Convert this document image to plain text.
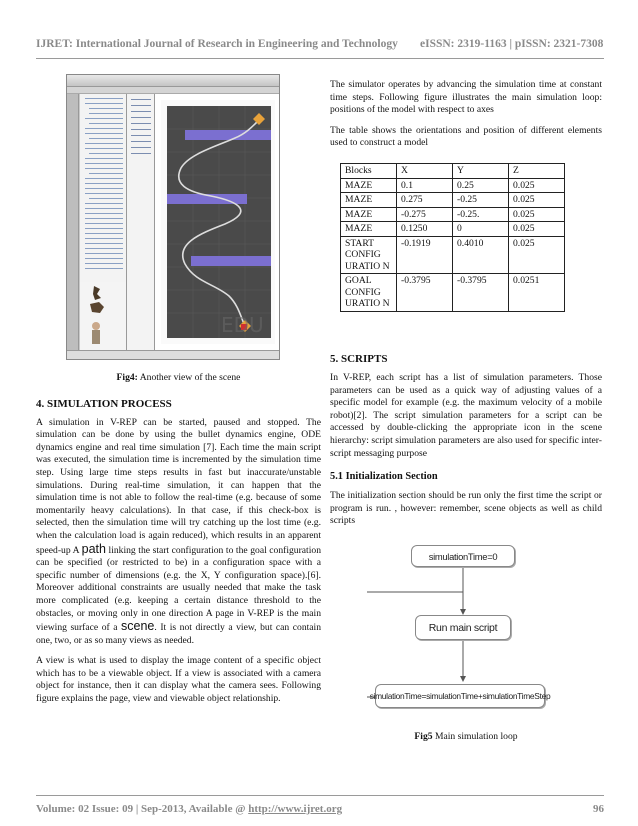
IJRET: International Journal of Research in Engineering and Technology eISSN: 2319-1163 | pISSN: 2321-7308
EDU
Fig4: Another view of the scene
4. SIMULATION PROCESS

A simulation in V-REP can be started, paused and stopped. The simulation can be done by using the bullet dynamics engine, ODE dynamics engine and real time simulation [7]. Each time the main script was executed, the simulation time is incremented by the simulation time step. Using large time steps results in fast but inaccurate/unstable simulations. During real-time simulation, it can happen that the simulation time is not able to follow the real-time (e.g. because of some momentarily heavy calculations). In that case, if this check-box is selected, then the simulation time will try catching up the lost time (e.g. when the calculation load is again reduced), which results in an apparent speed-up A path linking the start configuration to the goal configuration can be specified (or restricted to be) in a configuration space with a specific number of dimensions (e.g. the X, Y configuration space).[6]. Moreover additional constraints are usually needed that make the task more complicated (e.g. keeping a certain distance threshold to the obstacles, or moving only in one direction A page in V-REP is the main viewing surface of a scene. It is not directly a view, but can contain one, two, or as so many views as needed.

A view is what is used to display the image content of a specific object which has to be a viewable object. If a view is associated with a camera object for instance, then it can display what the camera sees. Following figure explains the page, view and viewable object relationship.

The simulator operates by advancing the simulation time at constant time steps. Following figure illustrates the main simulation loop: positions of the model with respect to axes

The table shows the orientations and position of different elements used to construct a model

Blocks	X	Y	Z
MAZE	0.1	0.25	0.025
MAZE	0.275	-0.25	0.025
MAZE	-0.275	-0.25.	0.025
MAZE	0.1250	0	0.025
START CONFIG URATIO N	-0.1919	0.4010	0.025
GOAL CONFIG URATIO N	-0.3795	-0.3795	0.0251
5. SCRIPTS

In V-REP, each script has a list of simulation parameters. Those parameters can be used as a quick way of adjusting values of a specific model for example (e.g. the maximum velocity of a mobile robot)[2]. The script simulation parameters for a script can be accessed by double-clicking the appropriate icon in the scene hierarchy: script simulation parameters are also used for specific inter-script messaging purpose

5.1 Initialization Section

The initialization section should be run only the first time the script or program is run. , however: remember, scene objects as well as child scripts

simulationTime=0
Run main script
simulationTime=simulationTime+simulationTimeStep
Fig5 Main simulation loop
Volume: 02 Issue: 09 | Sep-2013, Available @ http://www.ijret.org	96
